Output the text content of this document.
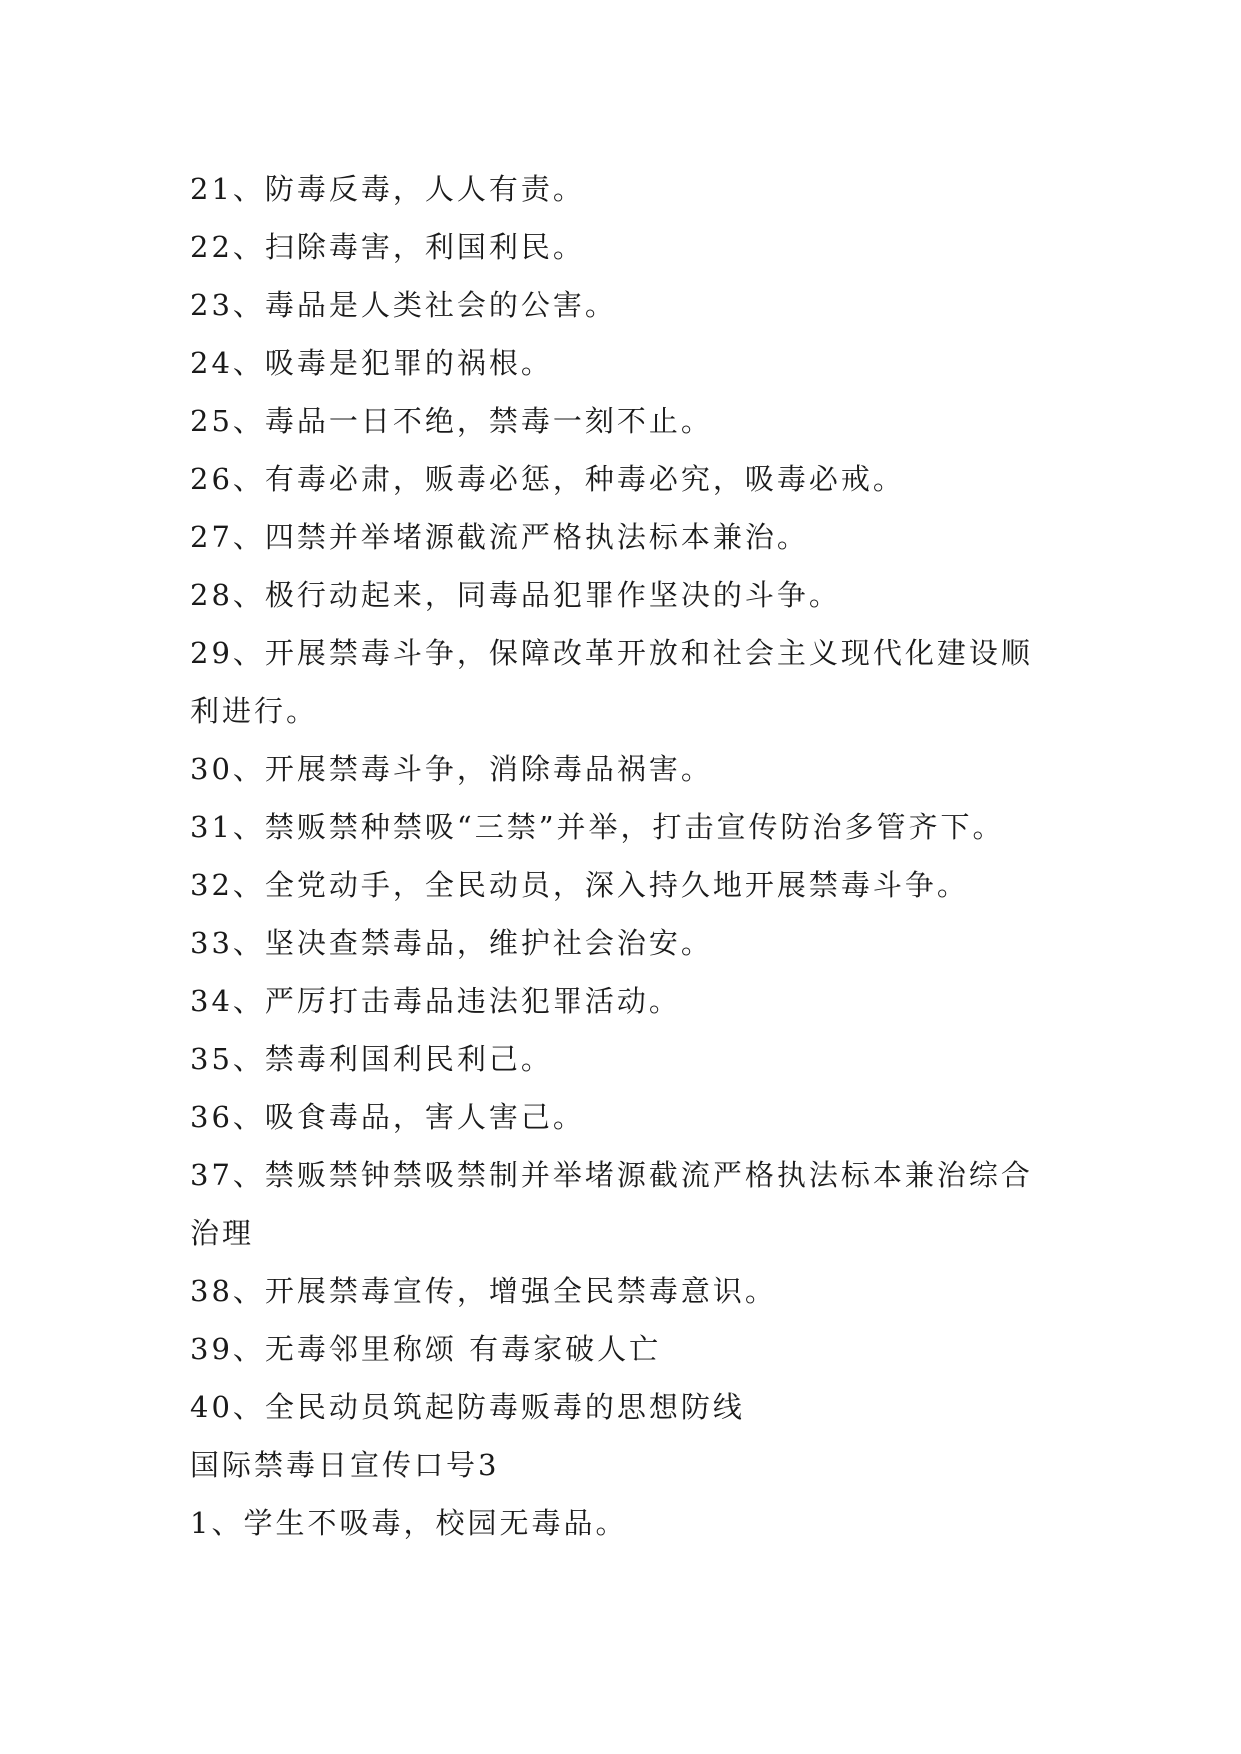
21、防毒反毒，人人有责。
22、扫除毒害，利国利民。
23、毒品是人类社会的公害。
24、吸毒是犯罪的祸根。
25、毒品一日不绝，禁毒一刻不止。
26、有毒必肃，贩毒必惩，种毒必究，吸毒必戒。
27、四禁并举堵源截流严格执法标本兼治。
28、极行动起来，同毒品犯罪作坚决的斗争。
29、开展禁毒斗争，保障改革开放和社会主义现代化建设顺
利进行。
30、开展禁毒斗争，消除毒品祸害。
31、禁贩禁种禁吸“三禁”并举，打击宣传防治多管齐下。
32、全党动手，全民动员，深入持久地开展禁毒斗争。
33、坚决查禁毒品，维护社会治安。
34、严厉打击毒品违法犯罪活动。
35、禁毒利国利民利己。
36、吸食毒品，害人害己。
37、禁贩禁钟禁吸禁制并举堵源截流严格执法标本兼治综合
治理
38、开展禁毒宣传，增强全民禁毒意识。
39、无毒邻里称颂 有毒家破人亡
40、全民动员筑起防毒贩毒的思想防线
国际禁毒日宣传口号3
1、学生不吸毒，校园无毒品。
